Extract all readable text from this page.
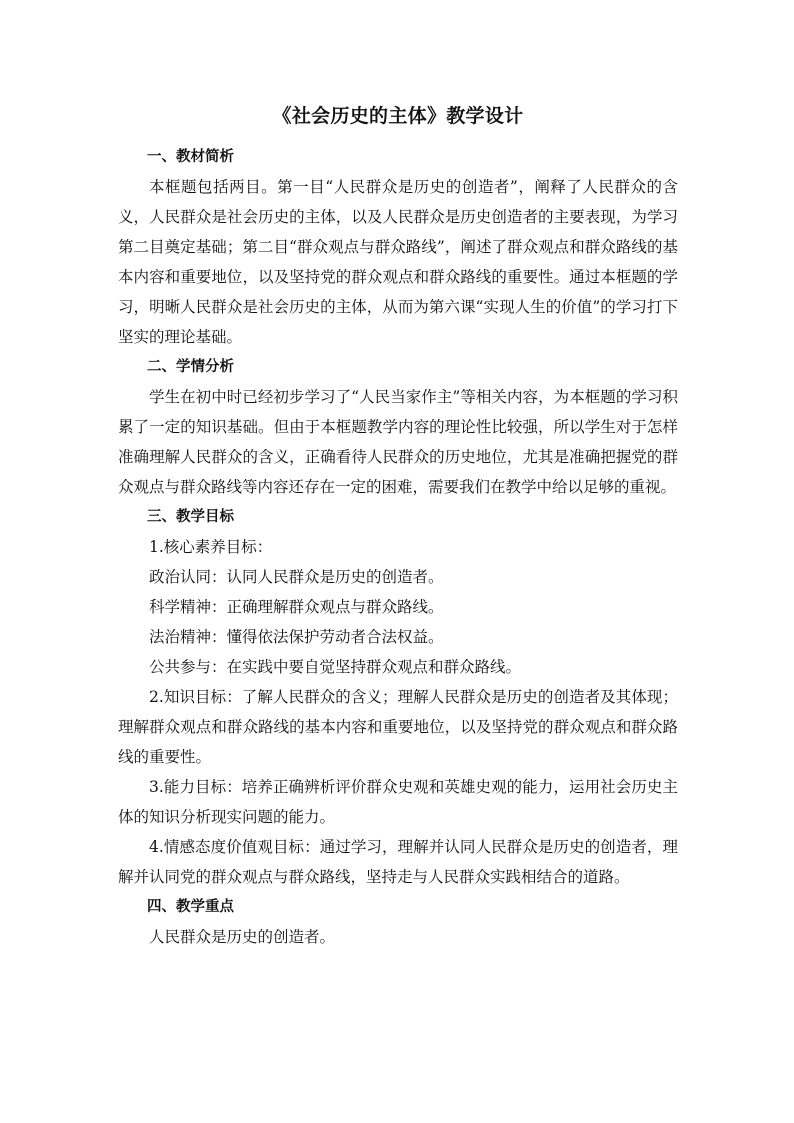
《社会历史的主体》教学设计
一、教材简析
本框题包括两目。第一目“人民群众是历史的创造者”，阐释了人民群众的含义，人民群众是社会历史的主体，以及人民群众是历史创造者的主要表现，为学习第二目奠定基础；第二目“群众观点与群众路线”，阐述了群众观点和群众路线的基本内容和重要地位，以及坚持党的群众观点和群众路线的重要性。通过本框题的学习，明晰人民群众是社会历史的主体，从而为第六课“实现人生的价值”的学习打下坚实的理论基础。
二、学情分析
学生在初中时已经初步学习了“人民当家作主”等相关内容，为本框题的学习积累了一定的知识基础。但由于本框题教学内容的理论性比较强，所以学生对于怎样准确理解人民群众的含义，正确看待人民群众的历史地位，尤其是准确把握党的群众观点与群众路线等内容还存在一定的困难，需要我们在教学中给以足够的重视。
三、教学目标
1.核心素养目标：
政治认同：认同人民群众是历史的创造者。
科学精神：正确理解群众观点与群众路线。
法治精神：懂得依法保护劳动者合法权益。
公共参与：在实践中要自觉坚持群众观点和群众路线。
2.知识目标：了解人民群众的含义；理解人民群众是历史的创造者及其体现；理解群众观点和群众路线的基本内容和重要地位，以及坚持党的群众观点和群众路线的重要性。
3.能力目标：培养正确辨析评价群众史观和英雄史观的能力，运用社会历史主体的知识分析现实问题的能力。
4.情感态度价值观目标：通过学习，理解并认同人民群众是历史的创造者，理解并认同党的群众观点与群众路线，坚持走与人民群众实践相结合的道路。
四、教学重点
人民群众是历史的创造者。
